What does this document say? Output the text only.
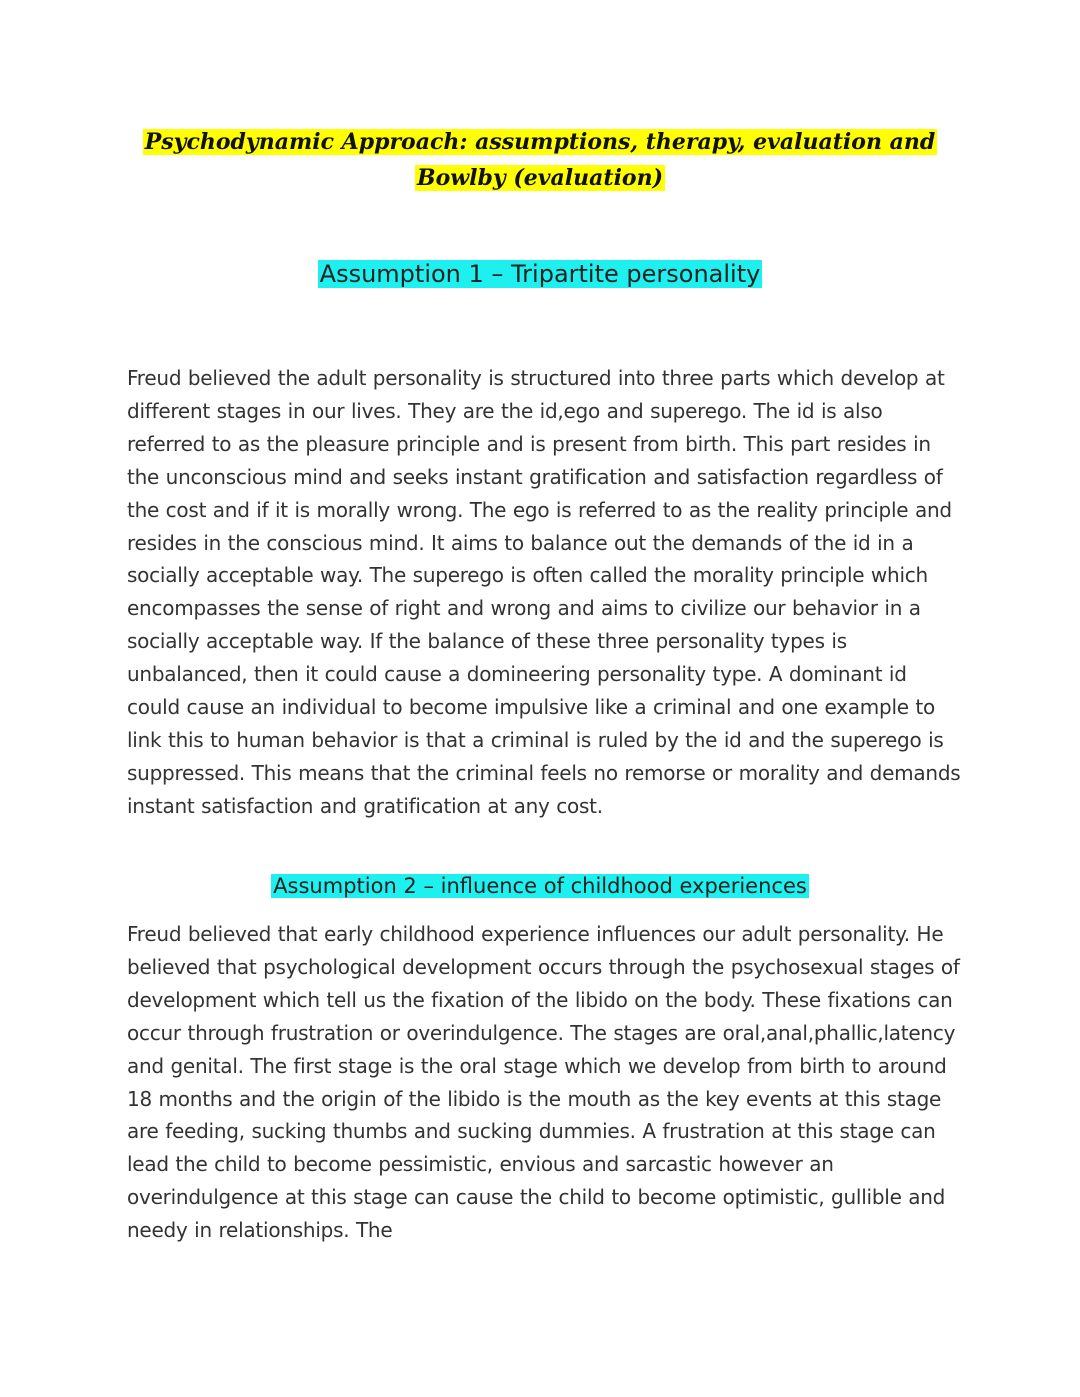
Psychodynamic Approach: assumptions, therapy, evaluation and Bowlby (evaluation)
Assumption 1 – Tripartite personality

Freud believed the adult personality is structured into three parts which develop at different stages in our lives. They are the id,ego and superego. The id is also referred to as the pleasure principle and is present from birth. This part resides in the unconscious mind and seeks instant gratification and satisfaction regardless of the cost and if it is morally wrong. The ego is referred to as the reality principle and resides in the conscious mind. It aims to balance out the demands of the id in a socially acceptable way. The superego is often called the morality principle which encompasses the sense of right and wrong and aims to civilize our behavior in a socially acceptable way. If the balance of these three personality types is unbalanced, then it could cause a domineering personality type. A dominant id could cause an individual to become impulsive like a criminal and one example to link this to human behavior is that a criminal is ruled by the id and the superego is suppressed. This means that the criminal feels no remorse or morality and demands instant satisfaction and gratification at any cost.

Assumption 2 – influence of childhood experiences

Freud believed that early childhood experience influences our adult personality. He believed that psychological development occurs through the psychosexual stages of development which tell us the fixation of the libido on the body. These fixations can occur through frustration or overindulgence. The stages are oral,anal,phallic,latency and genital. The first stage is the oral stage which we develop from birth to around 18 months and the origin of the libido is the mouth as the key events at this stage are feeding, sucking thumbs and sucking dummies. A frustration at this stage can lead the child to become pessimistic, envious and sarcastic however an overindulgence at this stage can cause the child to become optimistic, gullible and needy in relationships. The
